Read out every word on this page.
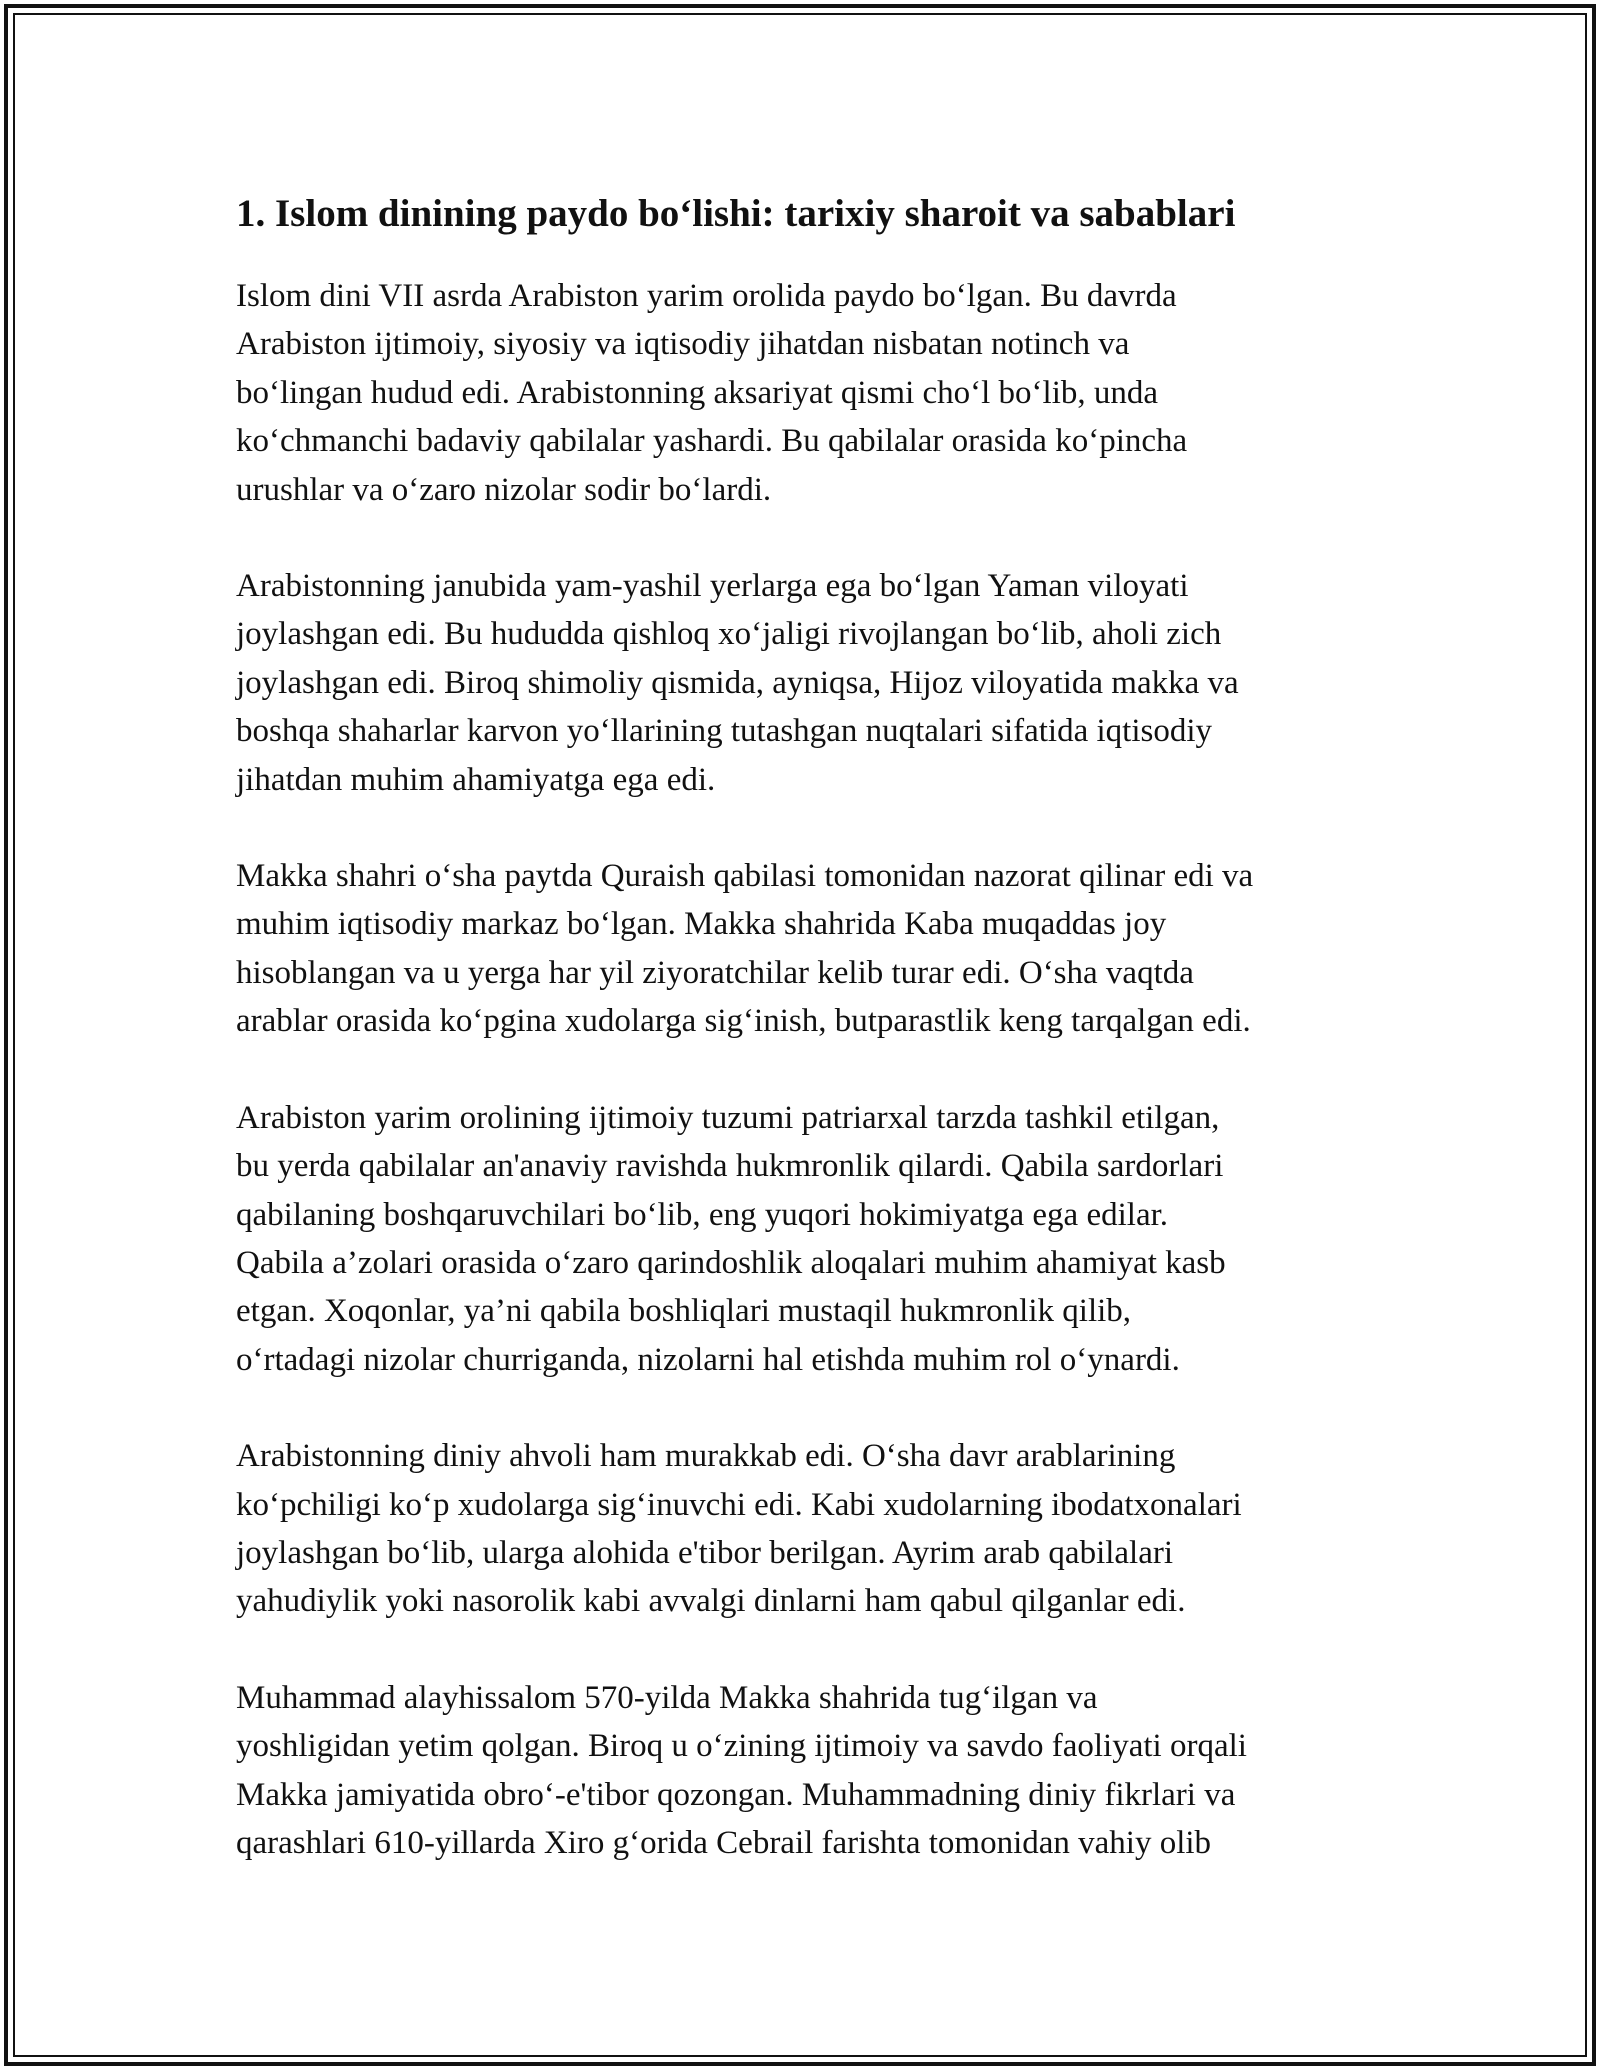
1. Islom dinining paydo bo‘lishi: tarixiy sharoit va sabablari
Islom dini VII asrda Arabiston yarim orolida paydo bo‘lgan. Bu davrda
Arabiston ijtimoiy, siyosiy va iqtisodiy jihatdan nisbatan notinch va
bo‘lingan hudud edi. Arabistonning aksariyat qismi cho‘l bo‘lib, unda
ko‘chmanchi badaviy qabilalar yashardi. Bu qabilalar orasida ko‘pincha
urushlar va o‘zaro nizolar sodir bo‘lardi.
Arabistonning janubida yam-yashil yerlarga ega bo‘lgan Yaman viloyati
joylashgan edi. Bu hududda qishloq xo‘jaligi rivojlangan bo‘lib, aholi zich
joylashgan edi. Biroq shimoliy qismida, ayniqsa, Hijoz viloyatida makka va
boshqa shaharlar karvon yo‘llarining tutashgan nuqtalari sifatida iqtisodiy
jihatdan muhim ahamiyatga ega edi.
Makka shahri o‘sha paytda Quraish qabilasi tomonidan nazorat qilinar edi va
muhim iqtisodiy markaz bo‘lgan. Makka shahrida Kaba muqaddas joy
hisoblangan va u yerga har yil ziyoratchilar kelib turar edi. O‘sha vaqtda
arablar orasida ko‘pgina xudolarga sig‘inish, butparastlik keng tarqalgan edi.
Arabiston yarim orolining ijtimoiy tuzumi patriarxal tarzda tashkil etilgan,
bu yerda qabilalar an'anaviy ravishda hukmronlik qilardi. Qabila sardorlari
qabilaning boshqaruvchilari bo‘lib, eng yuqori hokimiyatga ega edilar.
Qabila a’zolari orasida o‘zaro qarindoshlik aloqalari muhim ahamiyat kasb
etgan. Xoqonlar, ya’ni qabila boshliqlari mustaqil hukmronlik qilib,
o‘rtadagi nizolar churriganda, nizolarni hal etishda muhim rol o‘ynardi.
Arabistonning diniy ahvoli ham murakkab edi. O‘sha davr arablarining
ko‘pchiligi ko‘p xudolarga sig‘inuvchi edi. Kabi xudolarning ibodatxonalari
joylashgan bo‘lib, ularga alohida e'tibor berilgan. Ayrim arab qabilalari
yahudiylik yoki nasorolik kabi avvalgi dinlarni ham qabul qilganlar edi.
Muhammad alayhissalom 570-yilda Makka shahrida tug‘ilgan va
yoshligidan yetim qolgan. Biroq u o‘zining ijtimoiy va savdo faoliyati orqali
Makka jamiyatida obro‘-e'tibor qozongan. Muhammadning diniy fikrlari va
qarashlari 610-yillarda Xiro g‘orida Cebrail farishta tomonidan vahiy olib
